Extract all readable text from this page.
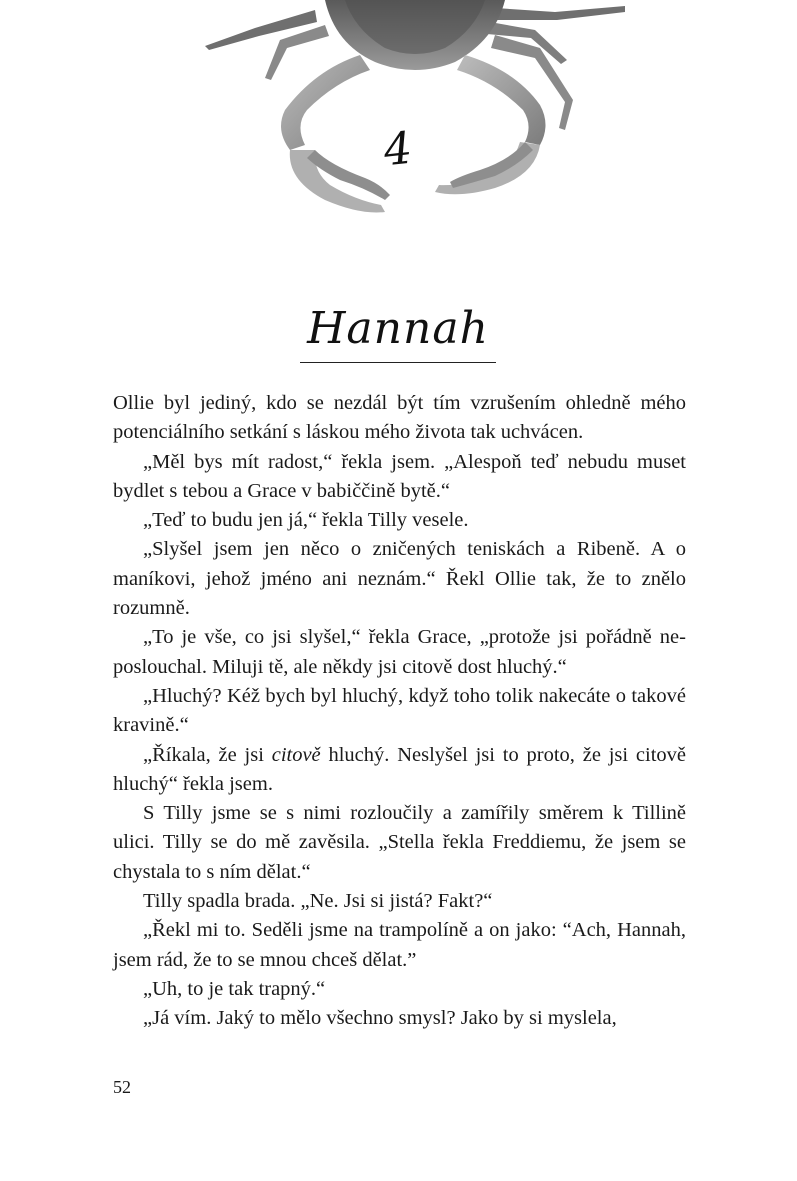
4
Hannah

Ollie byl jediný, kdo se nezdál být tím vzrušením ohledně mého potenciálního setkání s láskou mého života tak uchvácen.

„Měl bys mít radost,“ řekla jsem. „Alespoň teď nebudu muset bydlet s tebou a Grace v babiččině bytě.“

„Teď to budu jen já,“ řekla Tilly vesele.

„Slyšel jsem jen něco o zničených teniskách a Ribeně. A o maníkovi, jehož jméno ani neznám.“ Řekl Ollie tak, že to znělo rozumně.

„To je vše, co jsi slyšel,“ řekla Grace, „protože jsi pořádně neposlouchal. Miluji tě, ale někdy jsi citově dost hluchý.“

„Hluchý? Kéž bych byl hluchý, když toho tolik nakecáte o takové kravině.“

„Říkala, že jsi citově hluchý. Neslyšel jsi to proto, že jsi citově hluchý“ řekla jsem.

S Tilly jsme se s nimi rozloučily a zamířily směrem k Tillině ulici. Tilly se do mě zavěsila. „Stella řekla Freddiemu, že jsem se chystala to s ním dělat.“

Tilly spadla brada. „Ne. Jsi si jistá? Fakt?“

„Řekl mi to. Seděli jsme na trampolíně a on jako: “Ach, Hannah, jsem rád, že to se mnou chceš dělat.”

„Uh, to je tak trapný.“

„Já vím. Jaký to mělo všechno smysl? Jako by si myslela,

52
